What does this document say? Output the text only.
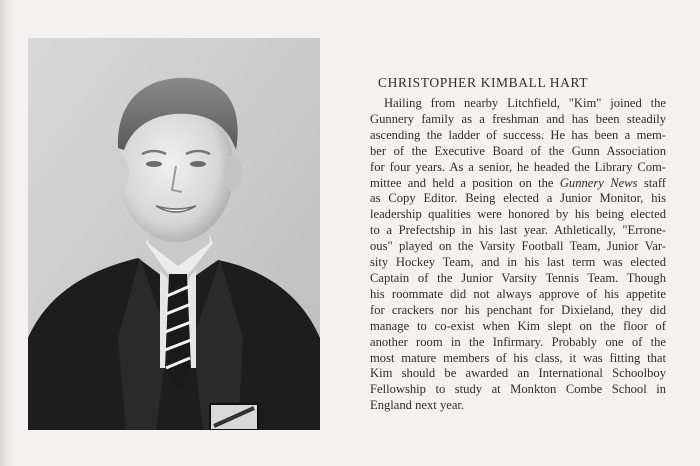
CHRISTOPHER KIMBALL HART
Hailing from nearby Litchfield, "Kim" joined the
Gunnery family as a freshman and has been steadily
ascending the ladder of success. He has been a mem-
ber of the Executive Board of the Gunn Association
for four years. As a senior, he headed the Library Com-
mittee and held a position on the Gunnery News staff
as Copy Editor. Being elected a Junior Monitor, his
leadership qualities were honored by his being elected
to a Prefectship in his last year. Athletically, "Errone-
ous" played on the Varsity Football Team, Junior Var-
sity Hockey Team, and in his last term was elected
Captain of the Junior Varsity Tennis Team. Though
his roommate did not always approve of his appetite
for crackers nor his penchant for Dixieland, they did
manage to co-exist when Kim slept on the floor of
another room in the Infirmary. Probably one of the
most mature members of his class, it was fitting that
Kim should be awarded an International Schoolboy
Fellowship to study at Monkton Combe School in
England next year.
